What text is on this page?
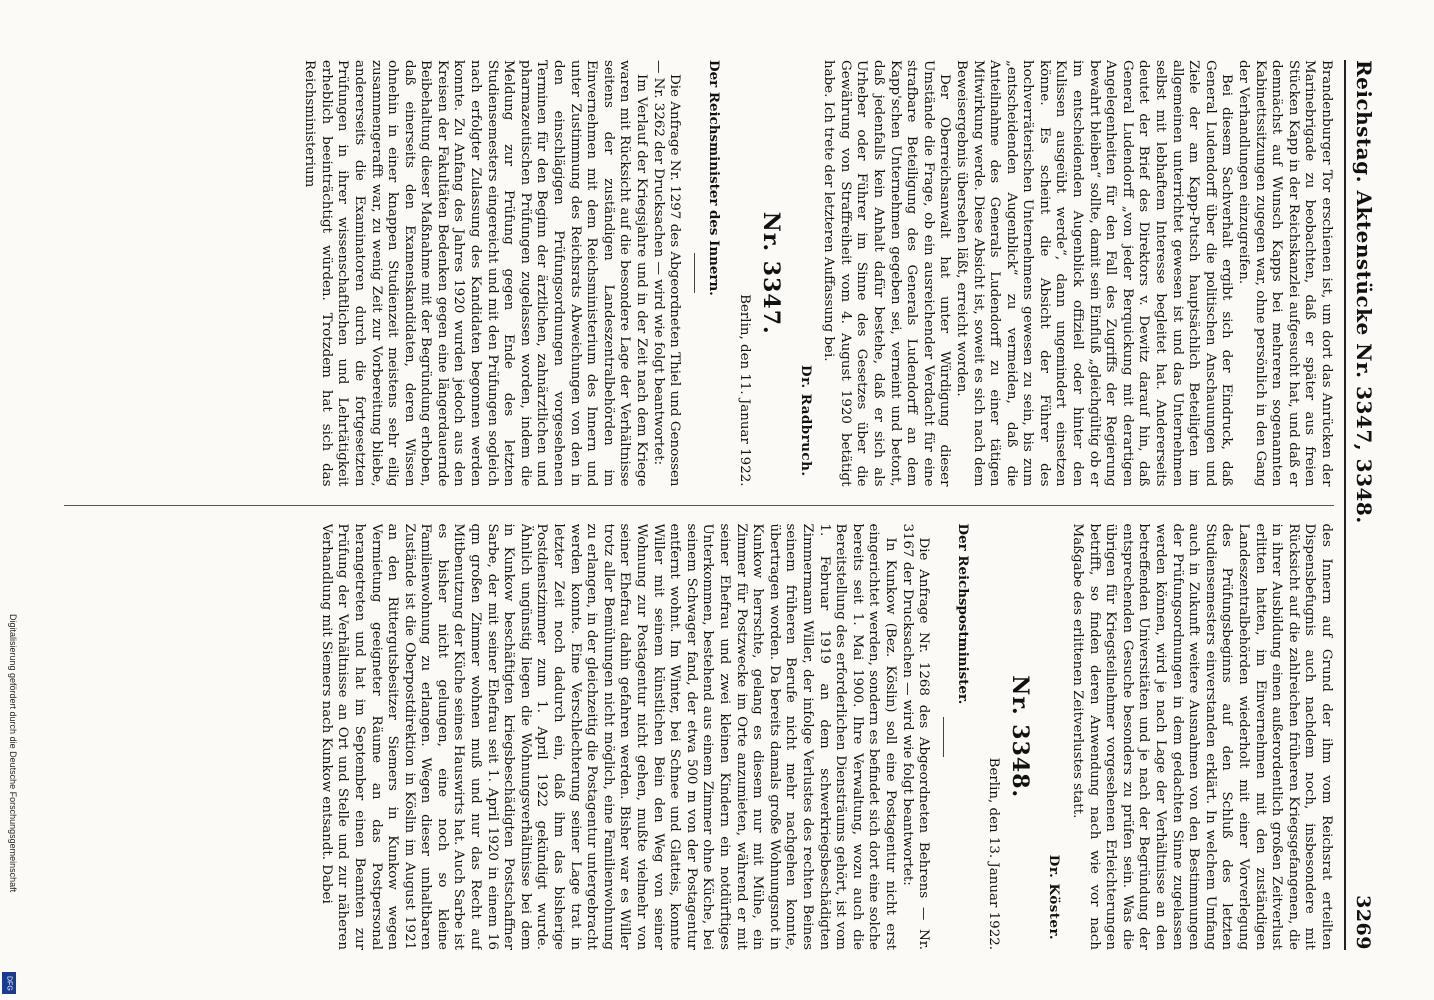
Reichstag. Aktenstücke Nr. 3347, 3348.
3269

Brandenburger Tor erschienen ist, um dort das Anrücken der Marinebrigade zu beobachten, daß er später aus freien Stücken Kapp in der Reichskanzlei aufgesucht hat, und daß er demnächst auf Wunsch Kapps bei mehreren sogenannten Kabinettssitzungen zugegen war, ohne persönlich in den Gang der Verhandlungen einzugreifen.

Bei diesem Sachverhalt ergibt sich der Eindruck, daß General Ludendorff über die politischen Anschauungen und Ziele der am Kapp-Putsch hauptsächlich Beteiligten im allgemeinen unterrichtet gewesen ist und das Unternehmen selbst mit lebhaftem Interesse begleitet hat. Andererseits deutet der Brief des Direktors v. Dewitz darauf hin, daß General Ludendorff „von jeder Berquickung mit derartigen Angelegenheiten für den Fall des Zugriffs der Regierung bewahrt bleiben“ sollte, damit sein Einfluß „gleichgültig ob er im entscheidenden Augenblick offiziell oder hinter den Kulissen ausgeübt werde“, dann ungemindert einsetzen könne. Es scheint die Absicht der Führer des hochverräterischen Unternehmens gewesen zu sein, bis zum „entscheidenden Augenblick“ zu vermeiden, daß die Anteilnahme des Generals Ludendorff zu einer tätigen Mitwirkung werde. Diese Absicht ist, soweit es sich nach dem Beweisergebnis übersehen läßt, erreicht worden.

Der Oberreichsanwalt hat unter Würdigung dieser Umstände die Frage, ob ein ausreichender Verdacht für eine strafbare Beteiligung des Generals Ludendorff an dem Kapp'schen Unternehmen gegeben sei, verneint und betont, daß jedenfalls kein Anhalt dafür bestehe, daß er sich als Urheber oder Führer im Sinne des Gesetzes über die Gewährung von Straffreiheit vom 4. August 1920 betätigt habe. Ich trete der letzteren Auffassung bei.

Dr. Radbruch.
Nr. 3347.
Berlin, den 11. Januar 1922.
Der Reichsminister des Innern.

Die Anfrage Nr. 1297 des Abgeordneten Thiel und Genossen — Nr. 3262 der Drucksachen — wird wie folgt beantwortet:

Im Verlauf der Kriegsjahre und in der Zeit nach dem Kriege waren mit Rücksicht auf die besondere Lage der Verhältnisse seitens der zuständigen Landeszentralbehörden im Einvernehmen mit dem Reichsministerium des Innern und unter Zustimmung des Reichsrats Abweichungen von den in den einschlägigen Prüfungsordnungen vorgesehenen Terminen für den Beginn der ärztlichen, zahnärztlichen und pharmazeutischen Prüfungen zugelassen worden, indem die Meldung zur Prüfung gegen Ende des letzten Studiensemesters eingereicht und mit den Prüfungen sogleich nach erfolgter Zulassung des Kandidaten begonnen werden konnte. Zu Anfang des Jahres 1920 wurden jedoch aus den Kreisen der Fakultäten Bedenken gegen eine längerdauernde Beibehaltung dieser Maßnahme mit der Begründung erhoben, daß einerseits den Examenskandidaten, deren Wissen ohnehin in einer knappen Studienzeit meistens sehr eilig zusammengerafft war, zu wenig Zeit zur Vorbereitung bliebe, andererseits die Examinatoren durch die fortgesetzten Prüfungen in ihrer wissenschaftlichen und Lehrtätigkeit erheblich beeinträchtigt würden. Trotzdem hat sich das Reichsministerium

des Innern auf Grund der ihm vom Reichsrat erteilten Dispensbefugnis auch nachdem noch, insbesondere mit Rücksicht auf die zahlreichen früheren Kriegsgefangenen, die in ihrer Ausbildung einen außerordentlich großen Zeitverlust erlitten hatten, im Einvernehmen mit den zuständigen Landeszentralbehörden wiederholt mit einer Vorverlegung des Prüfungsbeginns auf den Schluß des letzten Studiensemesters einverstanden erklärt. In welchem Umfang auch in Zukunft weitere Ausnahmen von den Bestimmungen der Prüfungsordnungen in dem gedachten Sinne zugelassen werden können, wird je nach Lage der Verhältnisse an den betreffenden Universitäten und je nach der Begründung der entsprechenden Gesuche besonders zu prüfen sein. Was die übrigen für Kriegsteilnehmer vorgesehenen Erleichterungen betrifft, so finden deren Anwendung nach wie vor nach Maßgabe des erlittenen Zeitverlustes statt.

Dr. Köster.
Nr. 3348.
Berlin, den 13. Januar 1922.
Der Reichspostminister.

Die Anfrage Nr. 1268 des Abgeordneten Behrens — Nr. 3167 der Drucksachen — wird wie folgt beantwortet:

In Kunkow (Bez. Köslin) soll eine Postagentur nicht erst eingerichtet werden, sondern es befindet sich dort eine solche bereits seit 1. Mai 1900. Ihre Verwaltung, wozu auch die Bereitstellung des erforderlichen Diensträums gehört, ist vom 1. Februar 1919 an dem schwerkriegsbeschädigten Zimmermann Willer, der infolge Verlustes des rechten Beines seinem früheren Berufe nicht mehr nachgehen konnte, übertragen worden. Da bereits damals große Wohnungsnot in Kunkow herrschte, gelang es diesem nur mit Mühe, ein Zimmer für Postzwecke im Orte anzumieten, während er mit seiner Ehefrau und zwei kleinen Kindern ein notdürftiges Unterkommen, bestehend aus einem Zimmer ohne Küche, bei seinem Schwager fand, der etwa 500 m von der Postagentur entfernt wohnt. Im Winter, bei Schnee und Glatteis, konnte Willer mit seinem künstlichen Bein den Weg von seiner Wohnung zur Postagentur nicht gehen, mußte vielmehr von seiner Ehefrau dahin gefahren werden. Bisher war es Willer trotz aller Bemühungen nicht möglich, eine Familienwohnung zu erlangen, in der gleichzeitig die Postagentur untergebracht werden konnte. Eine Verschlechterung seiner Lage trat in letzter Zeit noch dadurch ein, daß ihm das bisherige Postdienstzimmer zum 1. April 1922 gekündigt wurde. Ähnlich ungünstig liegen die Wohnungsverhältnisse bei dem in Kunkow beschäftigten kriegsbeschädigten Postschaffner Sarbe, der mit seiner Ehefrau seit 1. April 1920 in einem 16 qm großen Zimmer wohnen muß und nur das Recht auf Mitbenutzung der Küche seines Hauswirts hat. Auch Sarbe ist es bisher nicht gelungen, eine noch so kleine Familienwohnung zu erlangen. Wegen dieser unhaltbaren Zustände ist die Oberpostdirektion in Köslin im August 1921 an den Rittergutsbesitzer Siemers in Kunkow wegen Vermietung geeigneter Räume an das Postpersonal herangetreten und hat im September einen Beamten zur Prüfung der Verhältnisse an Ort und Stelle und zur näheren Verhandlung mit Siemers nach Kunkow entsandt. Dabei

Digitalisierung gefördert durch die Deutsche Forschungsgemeinschaft
DFG
